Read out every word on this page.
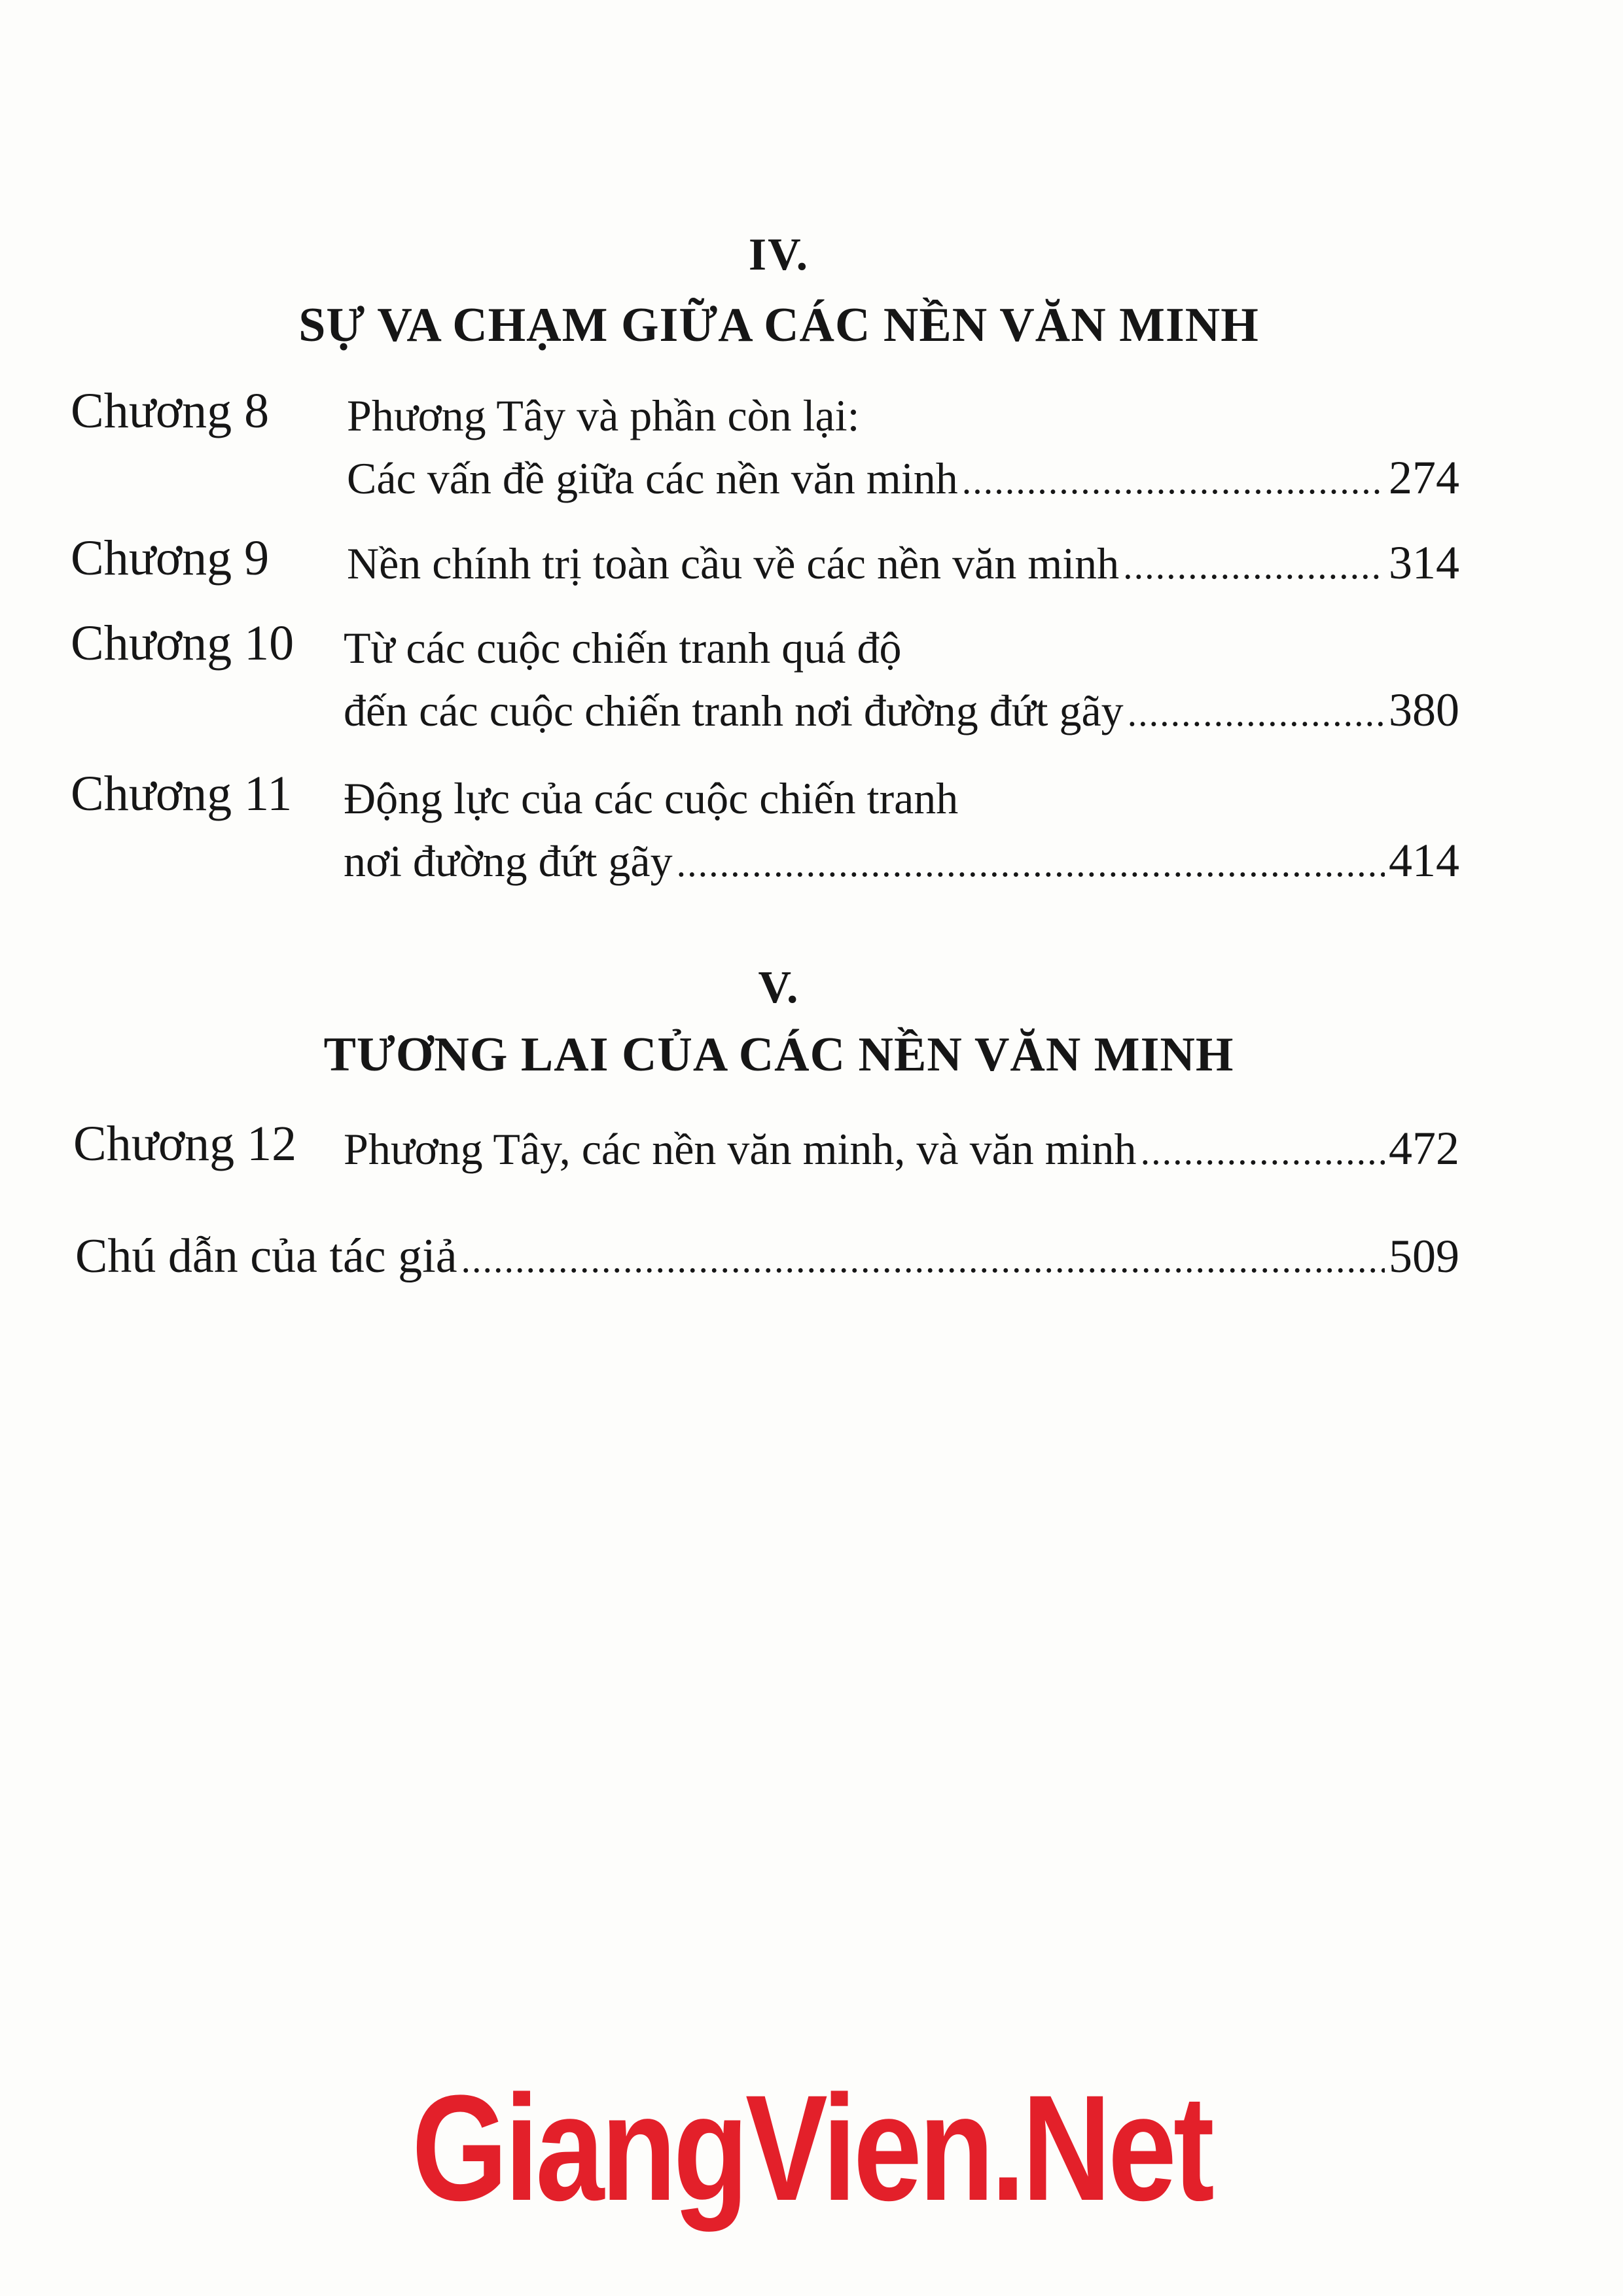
IV.
SỰ VA CHẠM GIỮA CÁC NỀN VĂN MINH
Chương 8 Phương Tây và phần còn lại:
Các vấn đề giữa các nền văn minh .....	274
Chương 9 Nền chính trị toàn cầu về các nền văn minh .....	314
Chương 10 Từ các cuộc chiến tranh quá độ
đến các cuộc chiến tranh nơi đường đứt gãy .....	380
Chương 11 Động lực của các cuộc chiến tranh
nơi đường đứt gãy .....	414
V.
TƯƠNG LAI CỦA CÁC NỀN VĂN MINH
Chương 12 Phương Tây, các nền văn minh, và văn minh .....	472
Chú dẫn của tác giả .....	509
GiangVien.Net
